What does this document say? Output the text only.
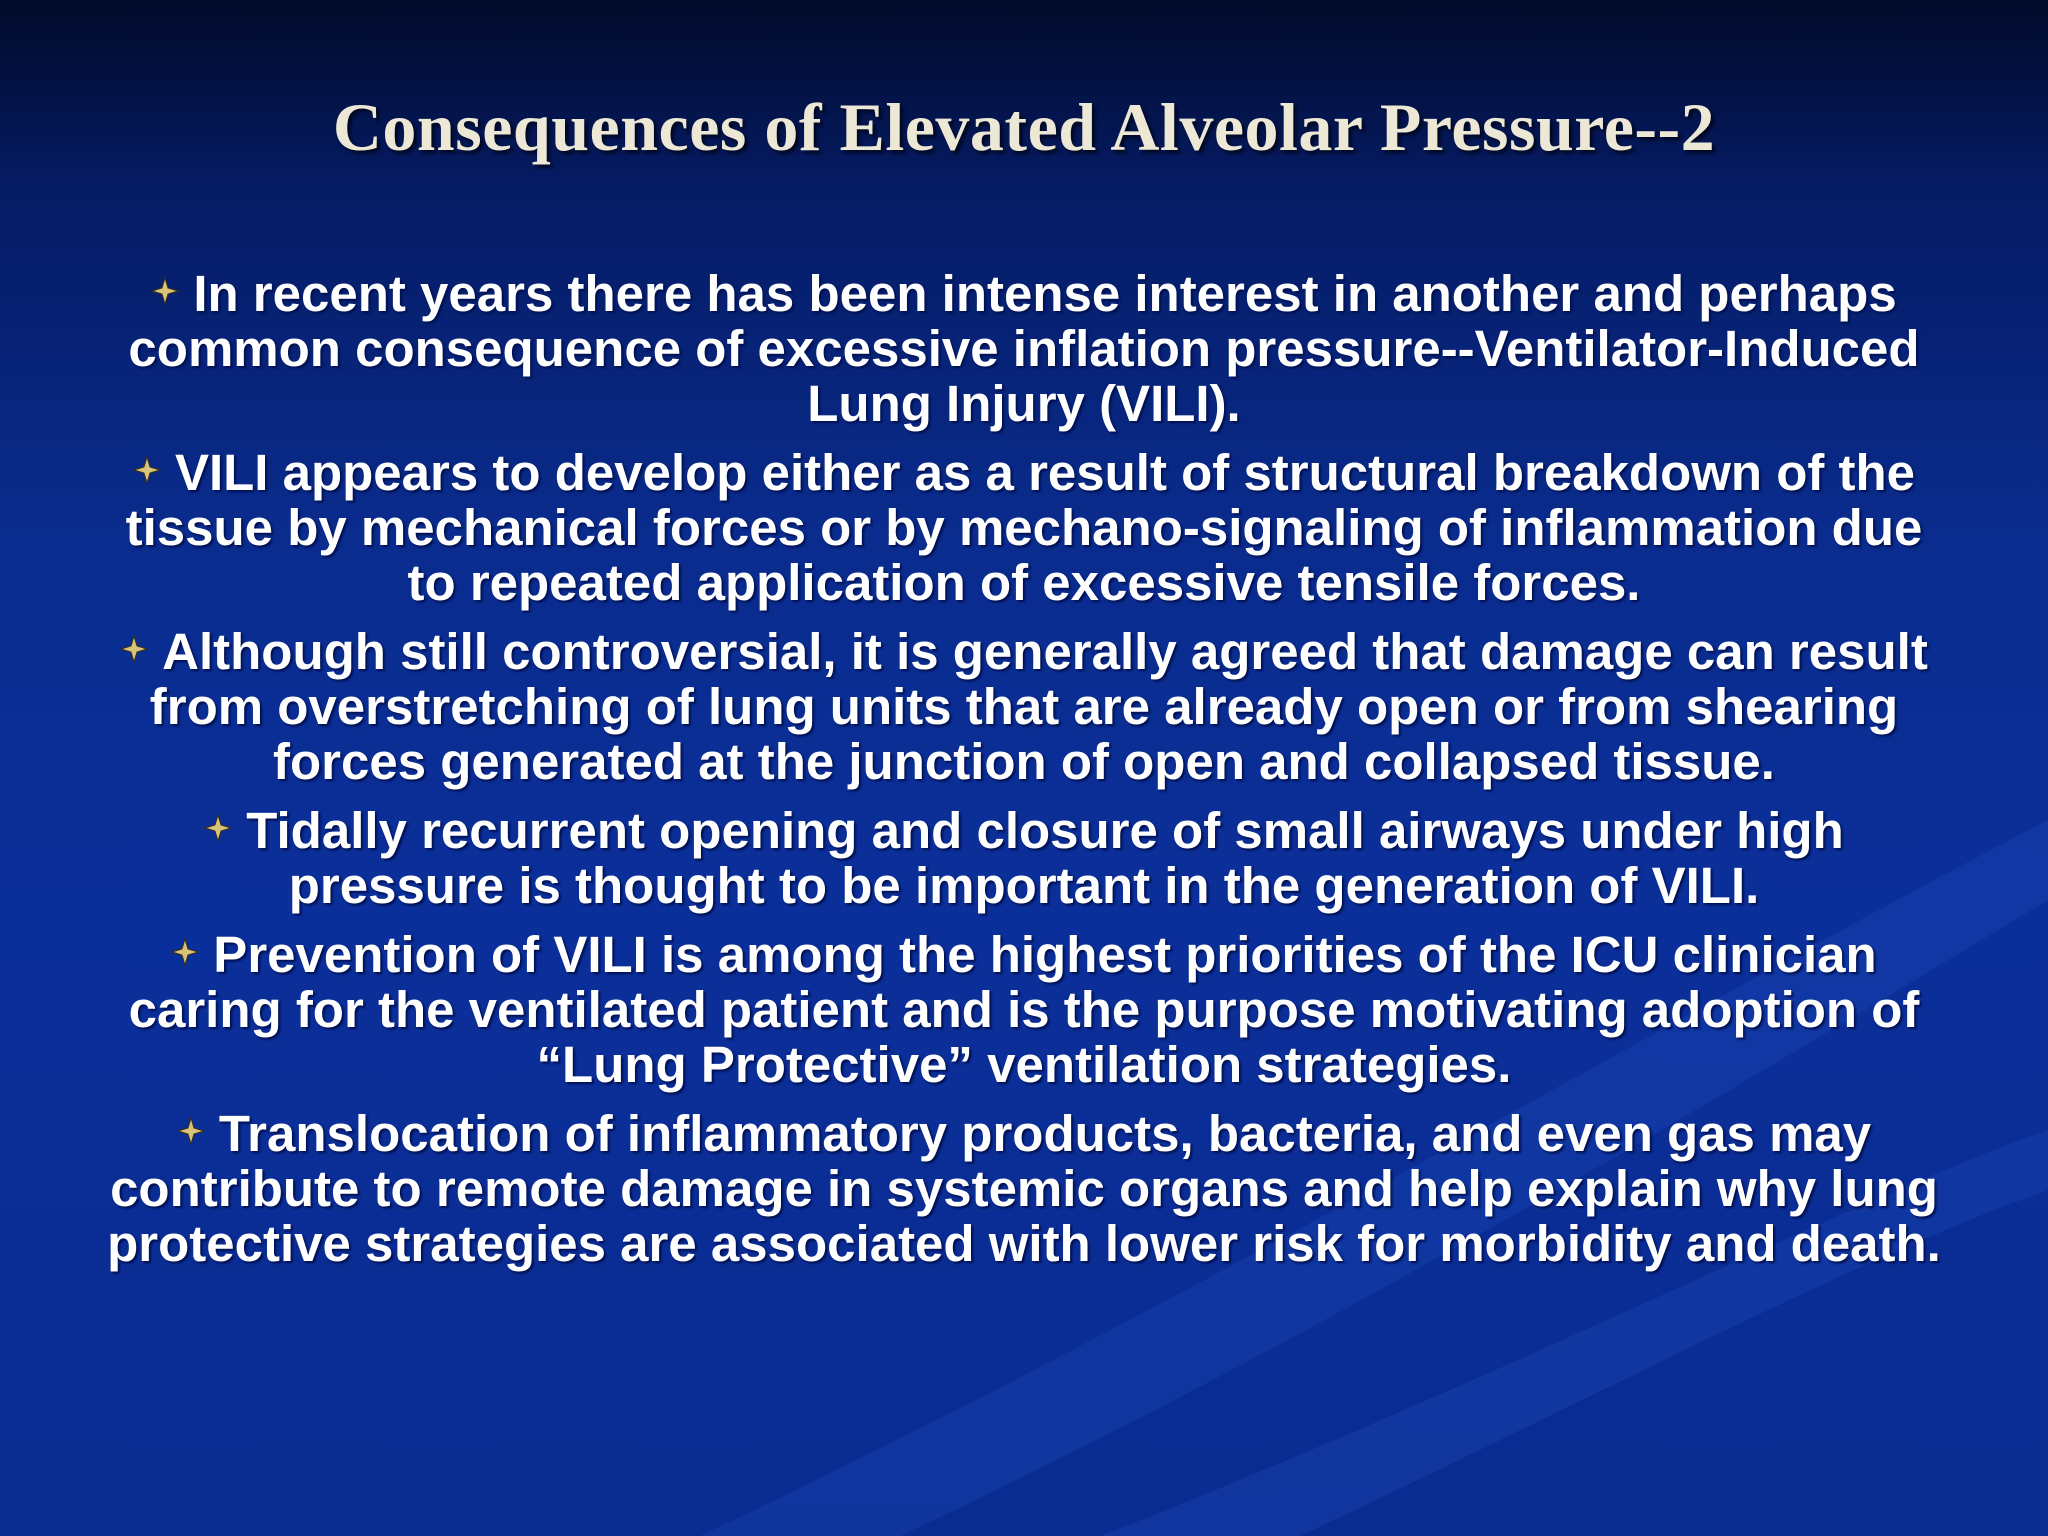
Consequences of Elevated Alveolar Pressure--2
In recent years there has been intense interest in another and perhaps common consequence of excessive inflation pressure--Ventilator-Induced Lung Injury (VILI).
VILI appears to develop either as a result of structural breakdown of the tissue by mechanical forces or by mechano-signaling of inflammation due to repeated application of excessive tensile forces.
Although still controversial, it is generally agreed that damage can result from overstretching of lung units that are already open or from shearing forces generated at the junction of open and collapsed tissue.
Tidally recurrent opening and closure of small airways under high pressure is thought to be important in the generation of VILI.
Prevention of VILI is among the highest priorities of the ICU clinician caring for the ventilated patient and is the purpose motivating adoption of “Lung Protective” ventilation strategies.
Translocation of inflammatory products, bacteria, and even gas may contribute to remote damage in systemic organs and help explain why lung protective strategies are associated with lower risk for morbidity and death.
